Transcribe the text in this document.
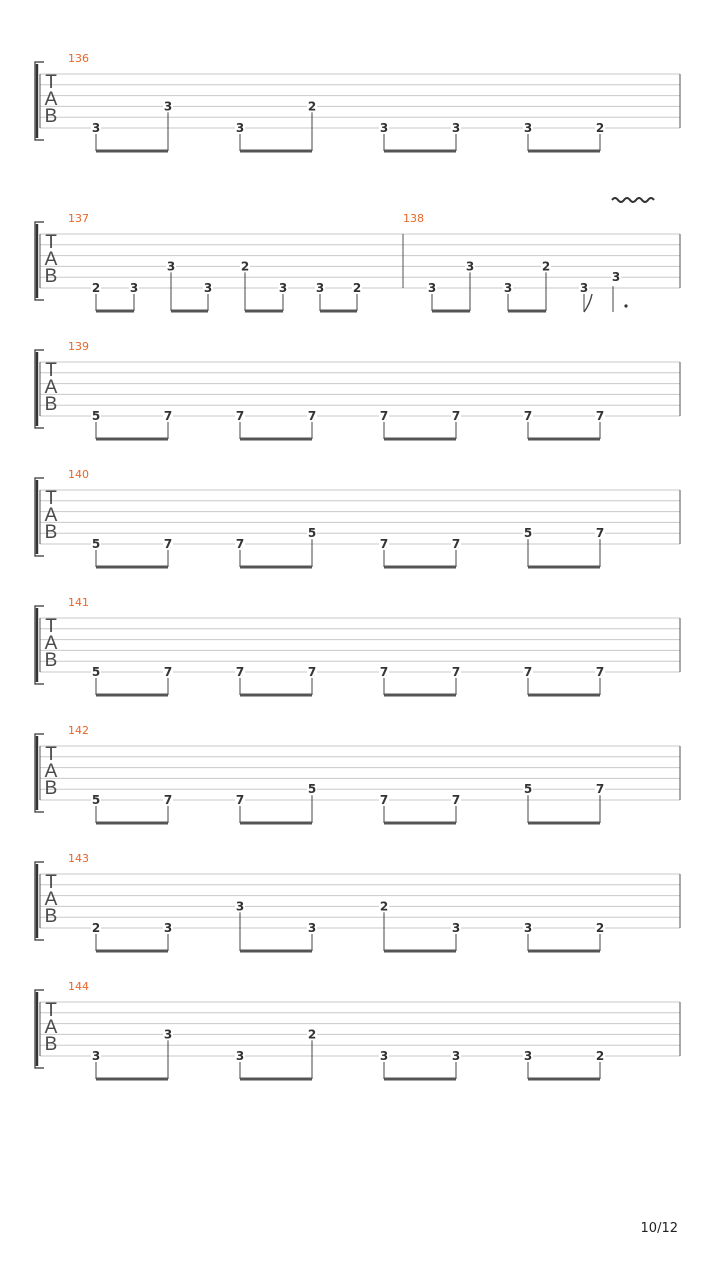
T
A
B
136
3
3
3
2
3	3	3	2
T
A
B
137	138
2 3
3
3
2
3 3 2	3
3
3
2
3
3
T
A
B
139
5	7	7	7	7	7	7	7
T
A
B
140
5	7	7
5
7	7
5	7
T
A
B
141
5	7	7	7	7	7	7	7
T
A
B
142
5	7	7
5
7	7
5	7
T
A
B
143
2	3
3
3
2
3	3	2
T
A
B
144
3
3
3
2
3	3	3	2
10/12
